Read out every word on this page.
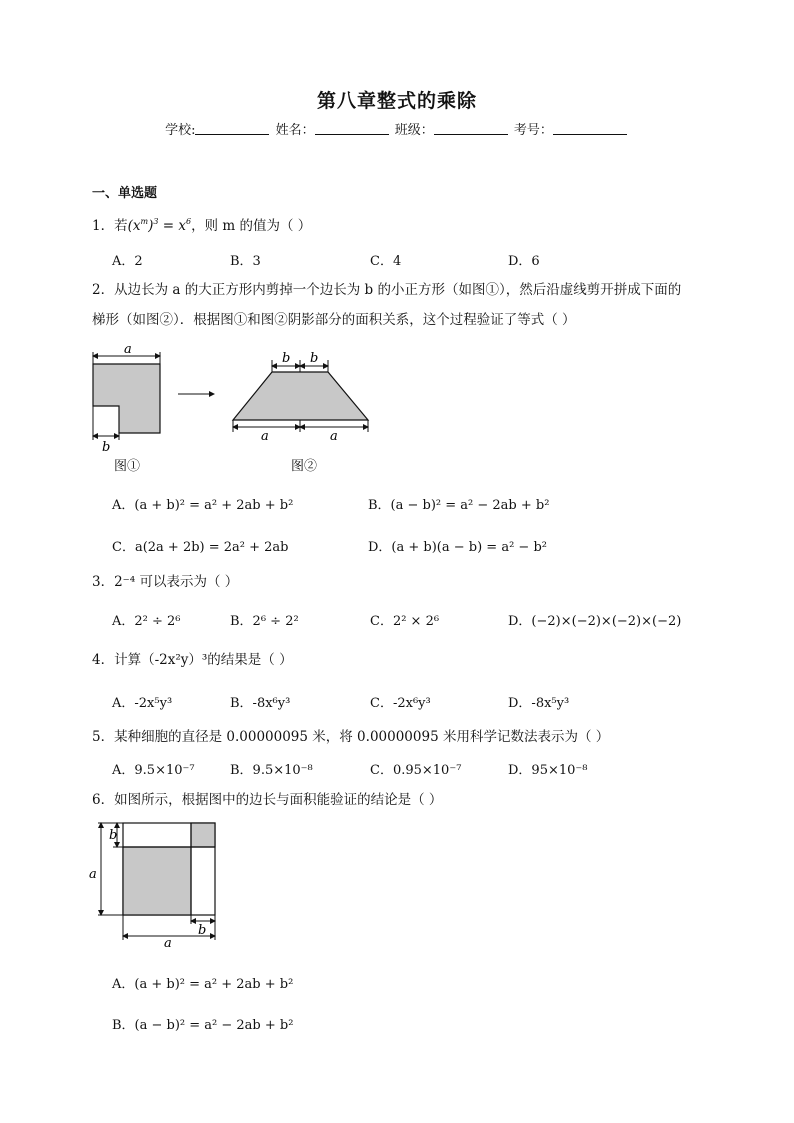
第八章整式的乘除
学校:	姓名：	班级：	考号：
一、单选题
1．若$(x^m)^3 = x^6$，则 m 的值为（ ）
A．2	B．3	C．4	D．6
2．从边长为 a 的大正方形内剪掉一个边长为 b 的小正方形（如图①），然后沿虚线剪开拼成下面的
梯形（如图②）．根据图①和图②阴影部分的面积关系，这个过程验证了等式（ ）
a
b
b b
a	a
图①	图②
A．(a + b)² = a² + 2ab + b²	B．(a − b)² = a² − 2ab + b²
C．a(2a + 2b) = 2a² + 2ab	D．(a + b)(a − b) = a² − b²
3．2⁻⁴ 可以表示为（ ）
A．2² ÷ 2⁶	B．2⁶ ÷ 2²	C．2² × 2⁶	D．(−2)×(−2)×(−2)×(−2)
4．计算（-2x²y）³的结果是（ ）
A．-2x⁵y³	B．-8x⁶y³	C．-2x⁶y³	D．-8x⁵y³
5．某种细胞的直径是 0.00000095 米，将 0.00000095 米用科学记数法表示为（ ）
A．9.5×10⁻⁷	B．9.5×10⁻⁸	C．0.95×10⁻⁷	D．95×10⁻⁸
6．如图所示，根据图中的边长与面积能验证的结论是（ ）
a
b
a
b
A．(a + b)² = a² + 2ab + b²
B．(a − b)² = a² − 2ab + b²
